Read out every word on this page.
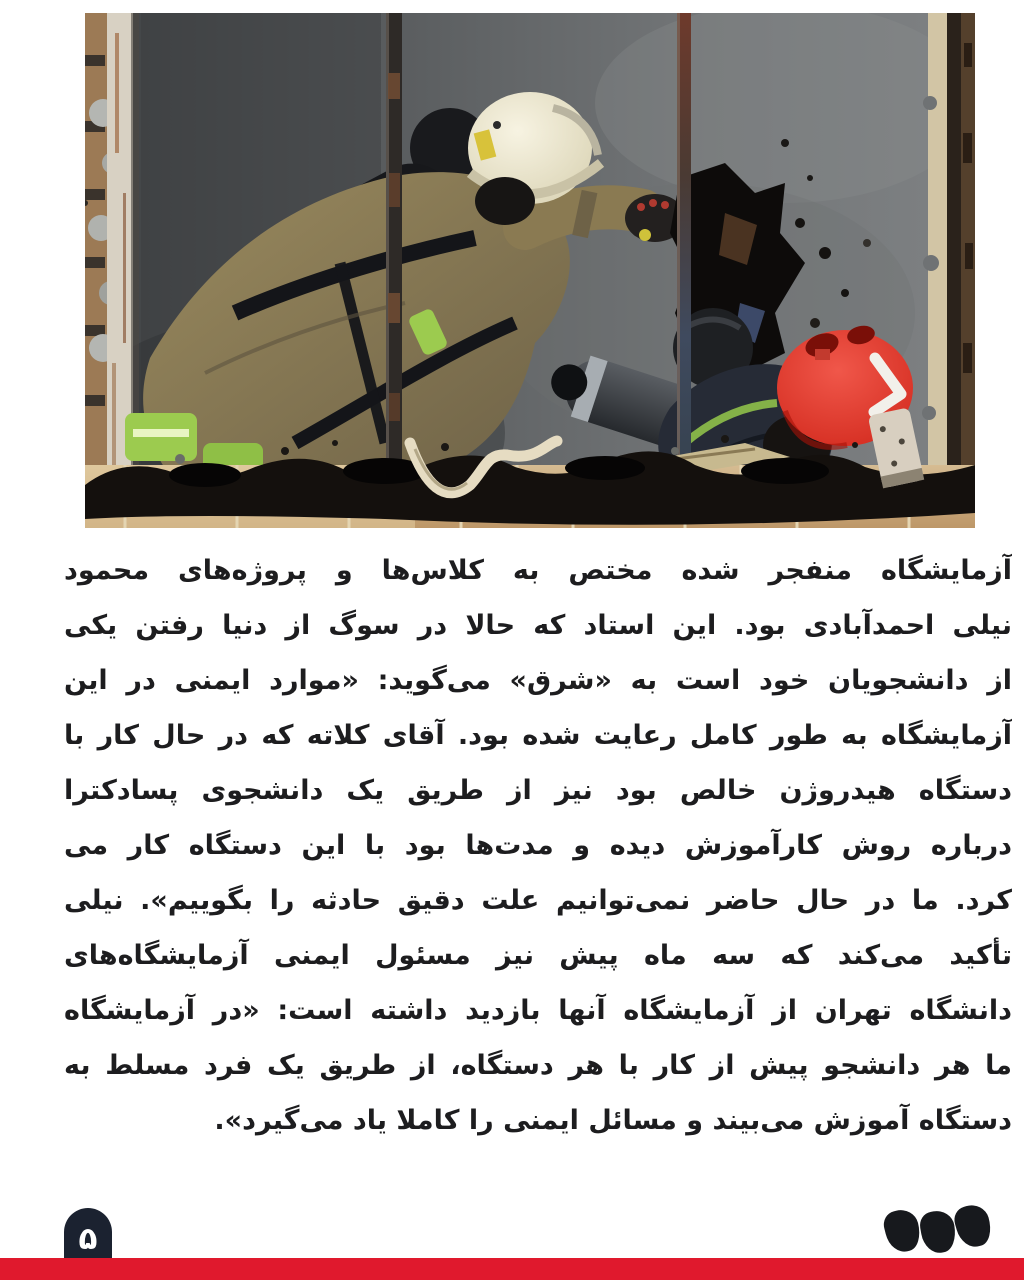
آزمایشگاه منفجر شده مختص به کلاس‌ها و پروژه‌های محمود
نیلی احمدآبادی بود. این استاد که حالا در سوگ از دنیا رفتن یکی
از دانشجویان خود است به «شرق» می‌گوید: «موارد ایمنی در این
آزمایشگاه به طور کامل رعایت شده بود. آقای کلاته که در حال کار با
دستگاه هیدروژن خالص بود نیز از طریق یک دانشجوی پسادکترا
درباره روش کارآموزش دیده و مدت‌ها بود با این دستگاه کار می
کرد. ما در حال حاضر نمی‌توانیم علت دقیق حادثه را بگوییم». نیلی
تأکید می‌کند که سه ماه پیش نیز مسئول ایمنی آزمایشگاه‌های
دانشگاه تهران از آزمایشگاه آنها بازدید داشته است: «در آزمایشگاه
ما هر دانشجو پیش از کار با هر دستگاه، از طریق یک فرد مسلط به
دستگاه آموزش می‌بیند و مسائل ایمنی را کاملا یاد می‌گیرد».
۵
